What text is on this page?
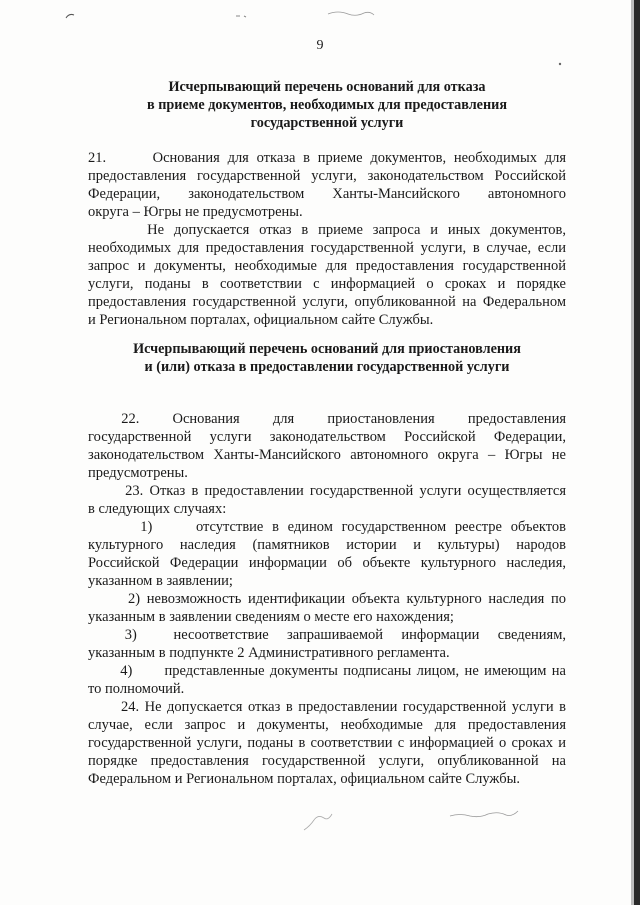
9
Исчерпывающий перечень оснований для отказа
в приеме документов, необходимых для предоставления
государственной услуги
21.      Основания для отказа в приеме документов, необходимых для
предоставления государственной услуги, законодательством Российской
Федерации,      законодательством      Ханты-Мансийского      автономного
округа – Югры не предусмотрены.
Не допускается отказ в приеме запроса и иных документов,
необходимых для предоставления государственной услуги, в случае, если
запрос и документы, необходимые для предоставления государственной
услуги, поданы в соответствии с информацией о сроках и порядке
предоставления государственной услуги, опубликованной на Федеральном
и Региональном порталах, официальном сайте Службы.
Исчерпывающий перечень оснований для приостановления
и (или) отказа в предоставлении государственной услуги
22.      Основания      для      приостановления      предоставления
государственной услуги законодательством Российской Федерации,
законодательством Ханты-Мансийского автономного округа – Югры не
предусмотрены.
23. Отказ в предоставлении государственной услуги осуществляется
в следующих случаях:
1)     отсутствие в едином государственном реестре объектов
культурного наследия (памятников истории и культуры) народов
Российской Федерации информации об объекте культурного наследия,
указанном в заявлении;
2) невозможность идентификации объекта культурного наследия по
указанным в заявлении сведениям о месте его нахождения;
3)      несоответствие   запрашиваемой   информации   сведениям,
указанным в подпункте 2 Административного регламента.
4)      представленные документы подписаны лицом, не имеющим на
то полномочий.
24. Не допускается отказ в предоставлении государственной услуги в
случае, если запрос и документы, необходимые для предоставления
государственной услуги, поданы в соответствии с информацией о сроках и
порядке предоставления государственной услуги, опубликованной на
Федеральном и Региональном порталах, официальном сайте Службы.
